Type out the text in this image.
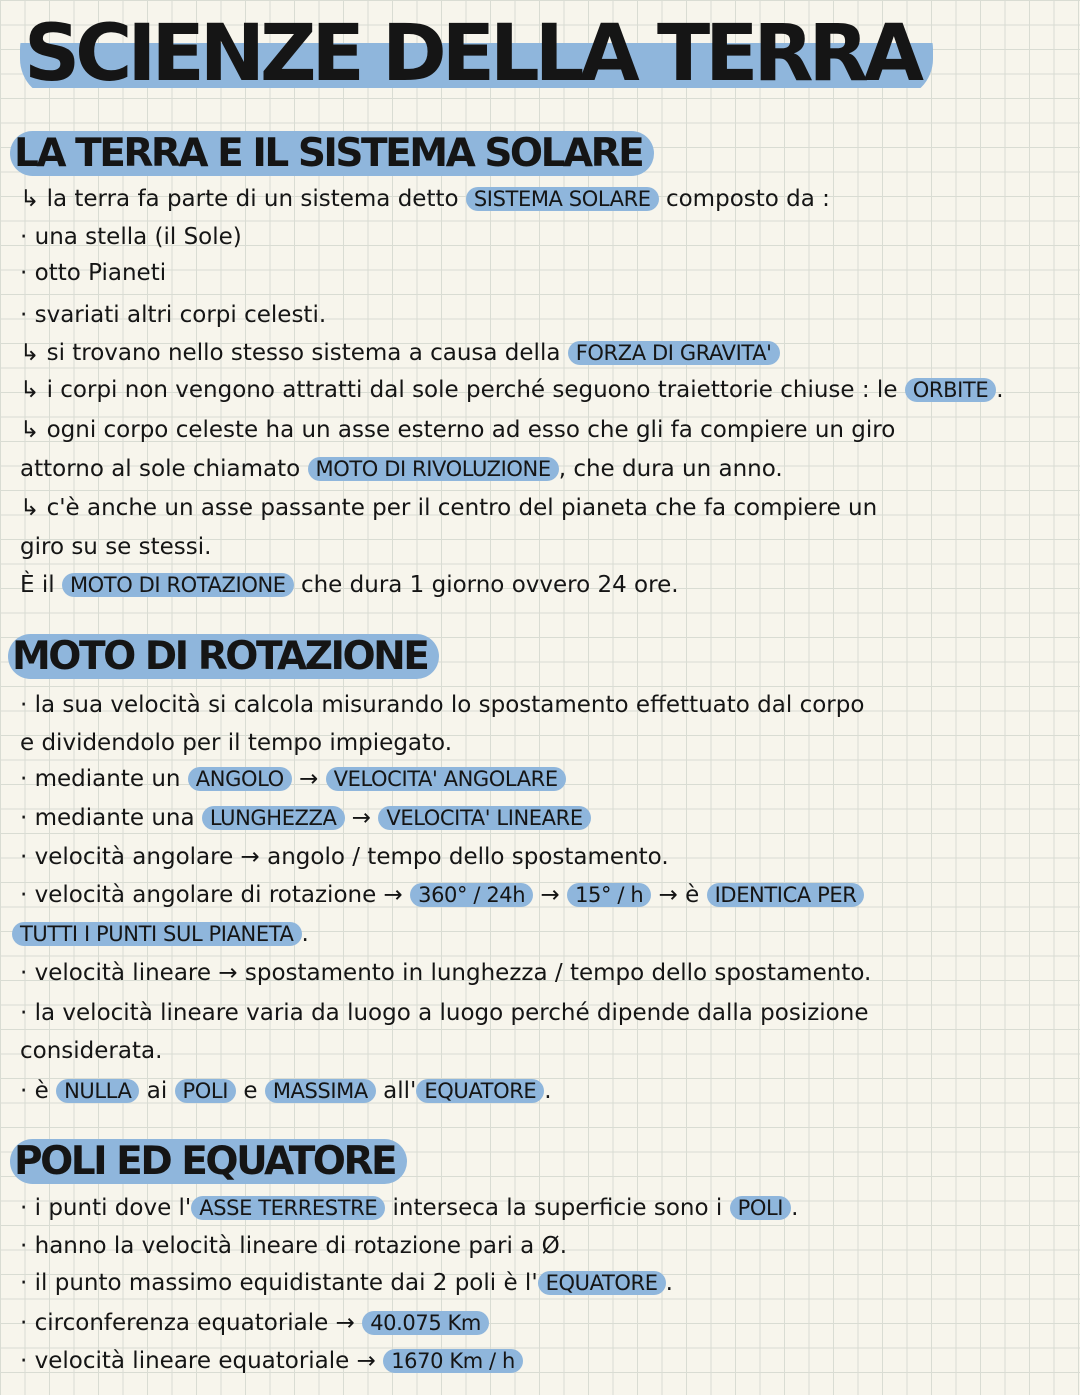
SCIENZE DELLA TERRA
LA TERRA E IL SISTEMA SOLARE

↳ la terra fa parte di un sistema detto SISTEMA SOLARE composto da :

· una stella (il Sole)

· otto Pianeti

· svariati altri corpi celesti.

↳ si trovano nello stesso sistema a causa della FORZA DI GRAVITA'

↳ i corpi non vengono attratti dal sole perché seguono traiettorie chiuse : le ORBITE .

↳ ogni corpo celeste ha un asse esterno ad esso che gli fa compiere un giro

attorno al sole chiamato MOTO DI RIVOLUZIONE , che dura un anno.

↳ c'è anche un asse passante per il centro del pianeta che fa compiere un

giro su se stessi.

È il MOTO DI ROTAZIONE che dura 1 giorno ovvero 24 ore.

MOTO DI ROTAZIONE

· la sua velocità si calcola misurando lo spostamento effettuato dal corpo

e dividendolo per il tempo impiegato.

· mediante un ANGOLO → VELOCITA' ANGOLARE

· mediante una LUNGHEZZA → VELOCITA' LINEARE

· velocità angolare → angolo / tempo dello spostamento.

· velocità angolare di rotazione → 360° / 24h → 15° / h → è IDENTICA PER

TUTTI I PUNTI SUL PIANETA .

· velocità lineare → spostamento in lunghezza / tempo dello spostamento.

· la velocità lineare varia da luogo a luogo perché dipende dalla posizione

considerata.

· è NULLA ai POLI e MASSIMA all' EQUATORE .

POLI ED EQUATORE

· i punti dove l' ASSE TERRESTRE interseca la superficie sono i POLI .

· hanno la velocità lineare di rotazione pari a Ø.

· il punto massimo equidistante dai 2 poli è l' EQUATORE .

· circonferenza equatoriale → 40.075 Km

· velocità lineare equatoriale → 1670 Km / h
